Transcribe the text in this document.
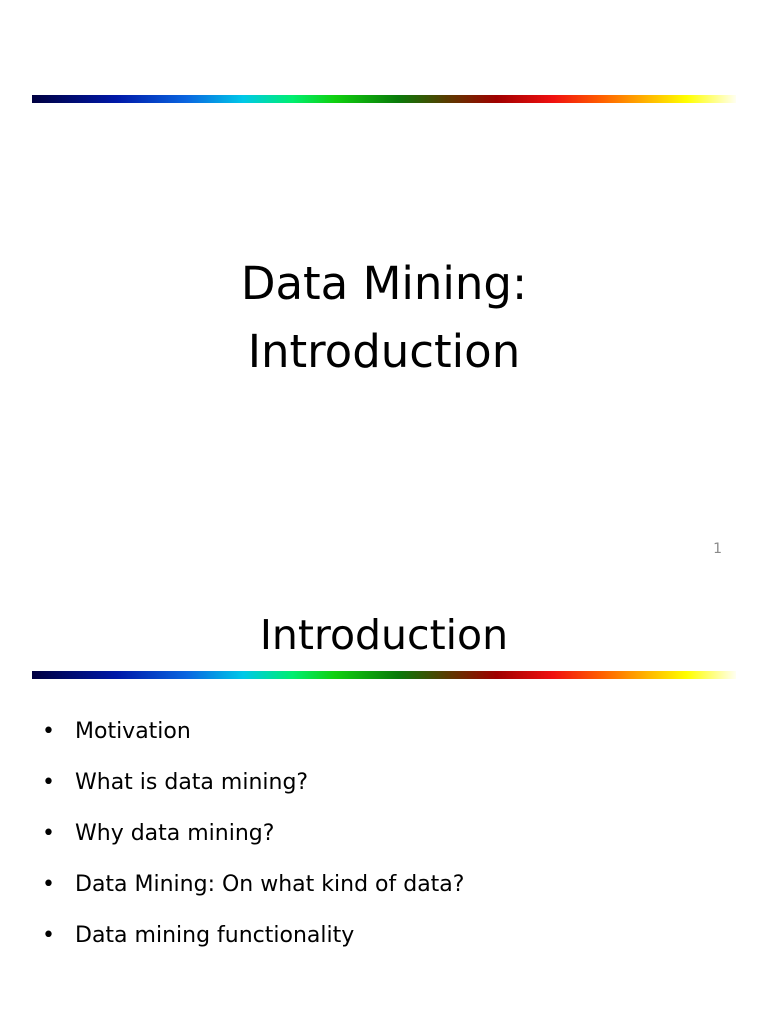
Data Mining:
Introduction
1
Introduction
• Motivation
• What is data mining?
• Why data mining?
• Data Mining: On what kind of data?
• Data mining functionality
